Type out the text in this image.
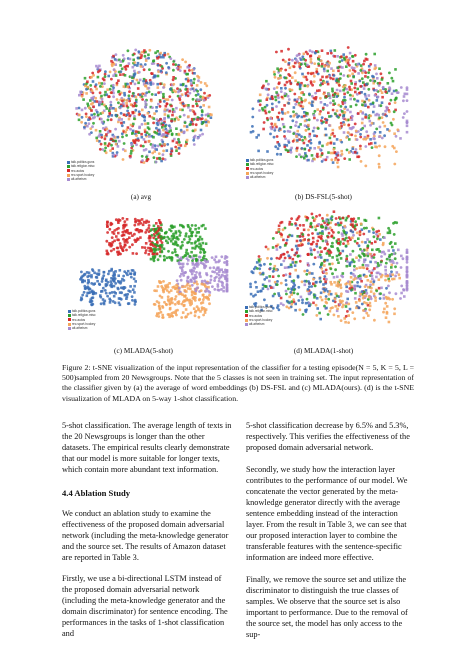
talk.politics.guns
talk.religion.misc
rec.autos
rec.sport.hockey
alt.atheism
(a) avg
talk.politics.guns
talk.religion.misc
rec.autos
rec.sport.hockey
alt.atheism
(b) DS-FSL(5-shot)
talk.politics.guns
talk.religion.misc
rec.autos
rec.sport.hockey
alt.atheism
(c) MLADA(5-shot)
talk.politics.guns
talk.religion.misc
rec.autos
rec.sport.hockey
alt.atheism
(d) MLADA(1-shot)
Figure 2: t-SNE visualization of the input representation of the classifier for a testing episode(N = 5, K = 5, L = 500)sampled from 20 Newsgroups. Note that the 5 classes is not seen in training set. The input representation of the classifier given by (a) the average of word embeddings (b) DS-FSL and (c) MLADA(ours). (d) is the t-SNE visualization of MLADA on 5-way 1-shot classification.

5-shot classification. The average length of texts in the 20 Newsgroups is longer than the other datasets. The empirical results clearly demonstrate that our model is more suitable for longer texts, which contain more abundant text information.

4.4 Ablation Study

We conduct an ablation study to examine the effectiveness of the proposed domain adversarial network (including the meta-knowledge generator and the source set. The results of Amazon dataset are reported in Table 3.

Firstly, we use a bi-directional LSTM instead of the proposed domain adversarial network (including the meta-knowledge generator and the domain discriminator) for sentence encoding. The performances in the tasks of 1-shot classification and

5-shot classification decrease by 6.5% and 5.3%, respectively. This verifies the effectiveness of the proposed domain adversarial network.

Secondly, we study how the interaction layer contributes to the performance of our model. We concatenate the vector generated by the meta-knowledge generator directly with the average sentence embedding instead of the interaction layer. From the result in Table 3, we can see that our proposed interaction layer to combine the transferable features with the sentence-specific information are indeed more effective.

Finally, we remove the source set and utilize the discriminator to distinguish the true classes of samples. We observe that the source set is also important to performance. Due to the removal of the source set, the model has only access to the sup-
